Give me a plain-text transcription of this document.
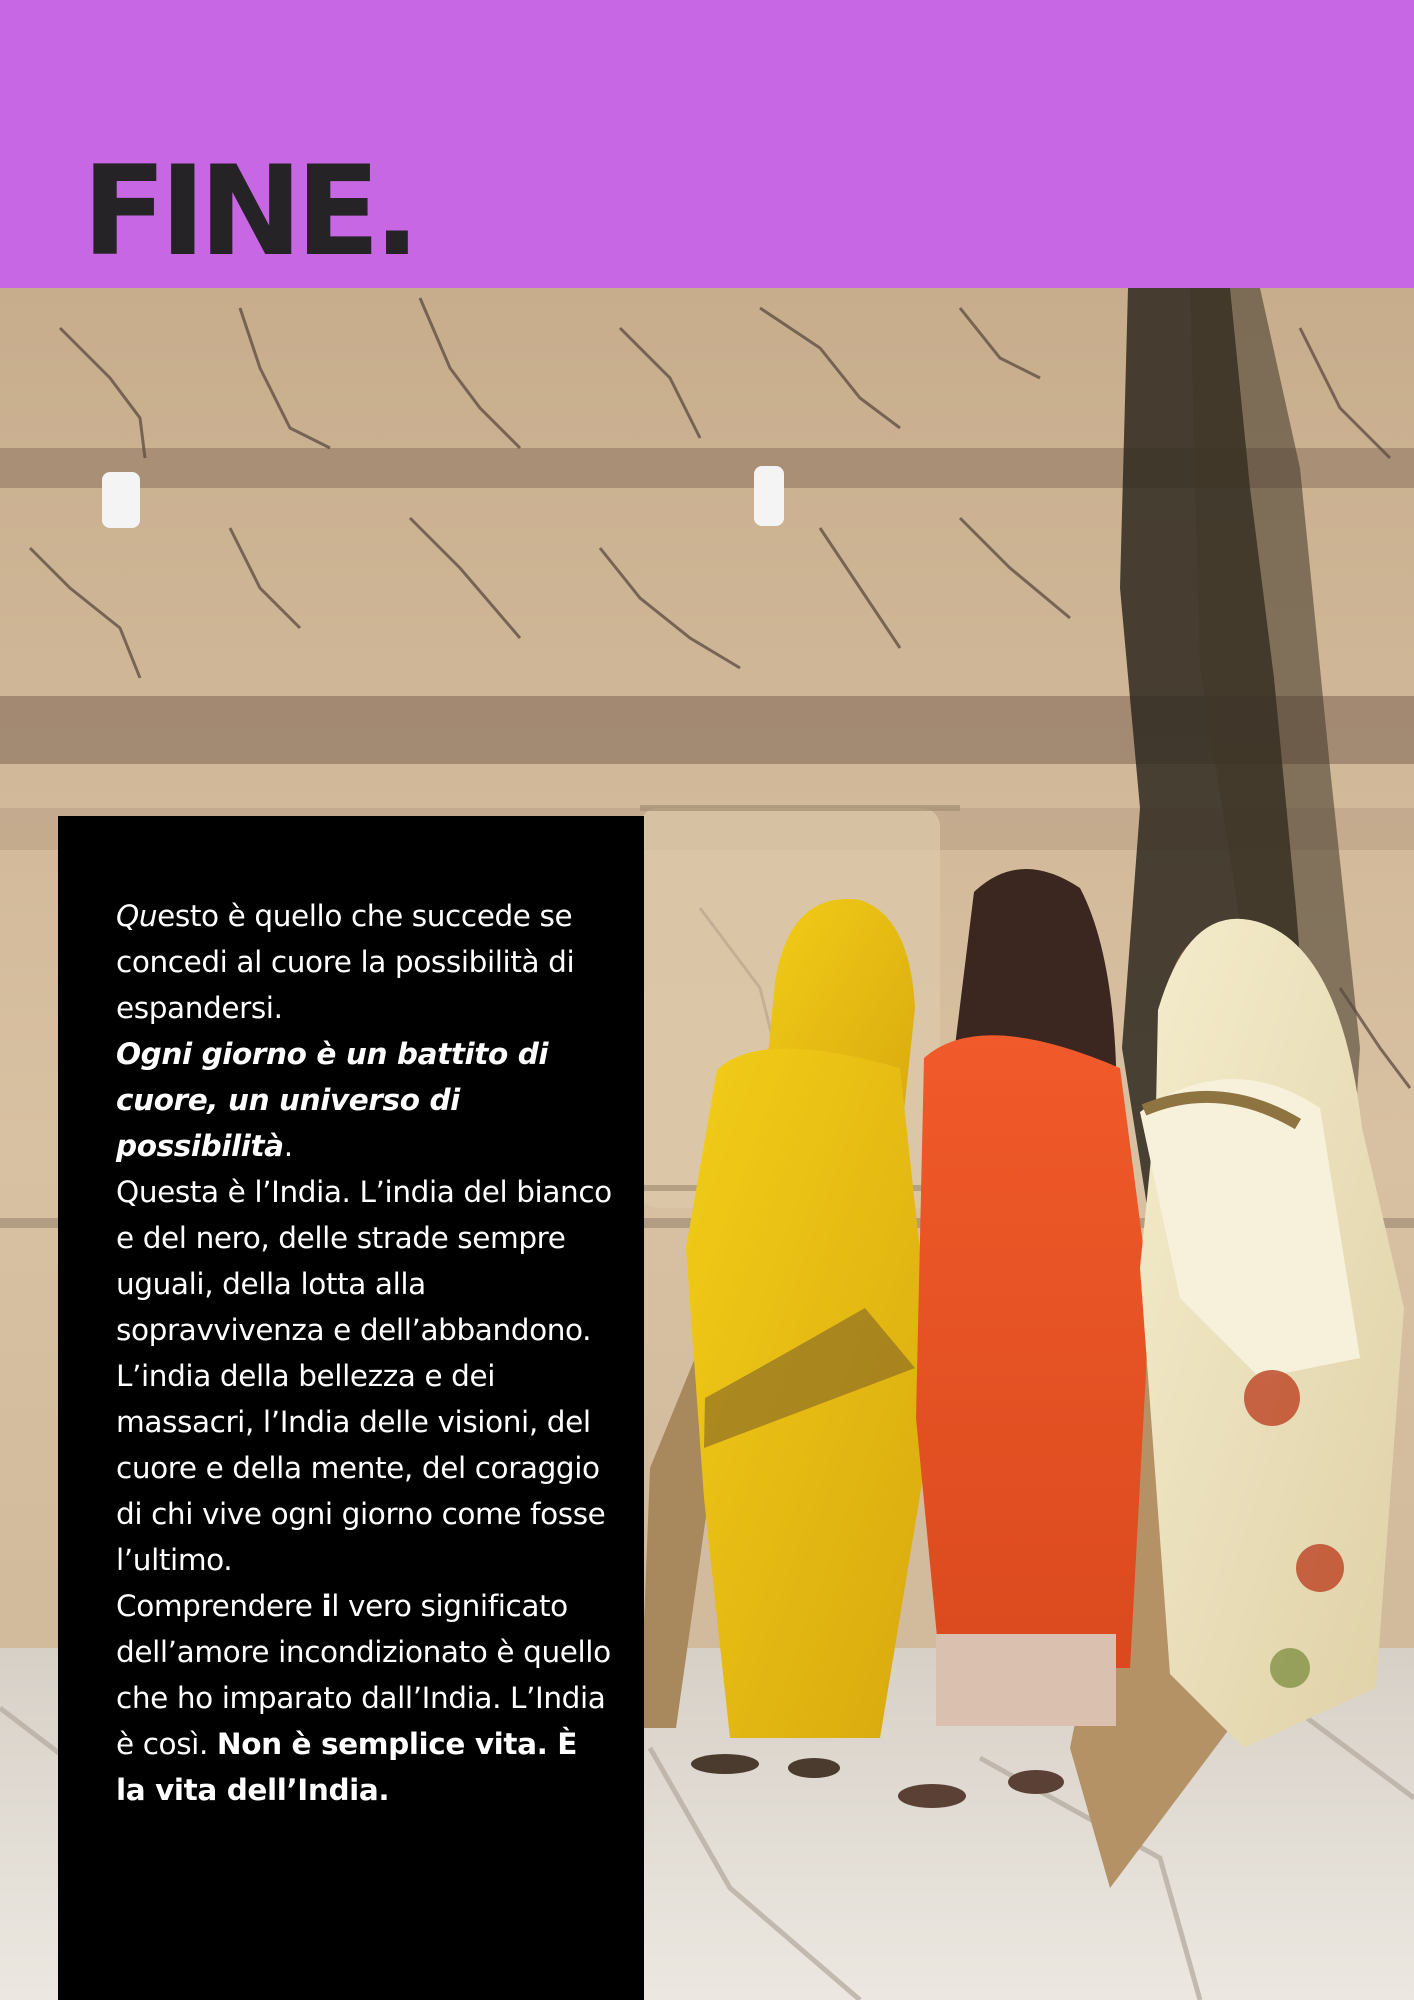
FINE.

Questo è quello che succede se concedi al cuore la possibilità di espandersi.
Ogni giorno è un battito di cuore, un universo di possibilità.
Questa è l’India. L’india del bianco e del nero, delle strade sempre uguali, della lotta alla sopravvivenza e dell’abbandono. L’india della bellezza e dei massacri, l’India delle visioni, del cuore e della mente, del coraggio di chi vive ogni giorno come fosse l’ultimo.
Comprendere il vero significato dell’amore incondizionato è quello che ho imparato dall’India. L’India è così. Non è semplice vita. È la vita dell’India.
